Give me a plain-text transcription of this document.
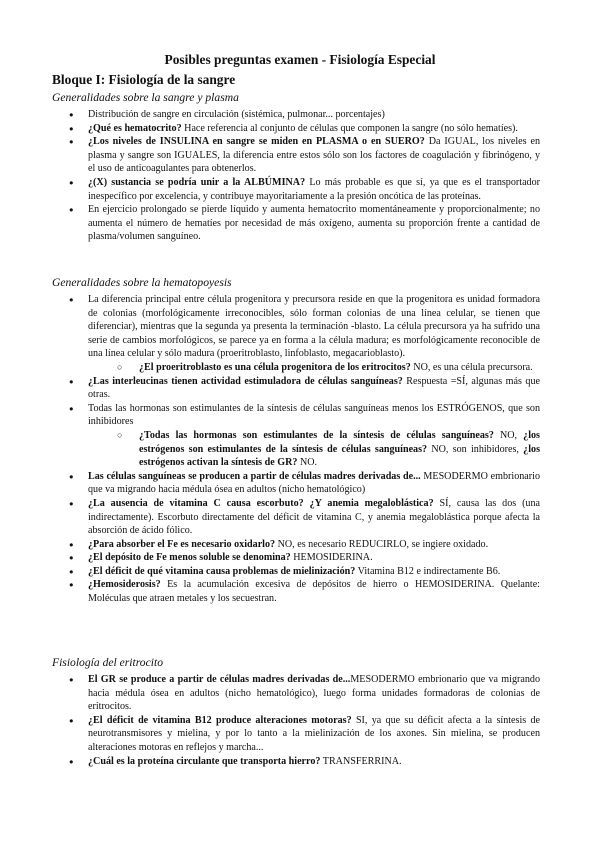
Posibles preguntas examen - Fisiología Especial
Bloque I: Fisiología de la sangre
Generalidades sobre la sangre y plasma
● Distribución de sangre en circulación (sistémica, pulmonar... porcentajes)
● ¿Qué es hematocrito? Hace referencia al conjunto de células que componen la sangre (no sólo hematíes).
● ¿Los niveles de INSULINA en sangre se miden en PLASMA o en SUERO? Da IGUAL, los niveles en plasma y sangre son IGUALES, la diferencia entre estos sólo son los factores de coagulación y fibrinógeno, y el uso de anticoagulantes para obtenerlos.
● ¿(X) sustancia se podría unir a la ALBÚMINA? Lo más probable es que sí, ya que es el transportador inespecífico por excelencia, y contribuye mayoritariamente a la presión oncótica de las proteínas.
● En ejercicio prolongado se pierde líquido y aumenta hematocrito momentáneamente y proporcionalmente; no aumenta el número de hematíes por necesidad de más oxígeno, aumenta su proporción frente a cantidad de plasma/volumen sanguíneo.
Generalidades sobre la hematopoyesis
● La diferencia principal entre célula progenitora y precursora reside en que la progenitora es unidad formadora de colonias (morfológicamente irreconocibles, sólo forman colonias de una línea celular, se tienen que diferenciar), mientras que la segunda ya presenta la terminación -blasto. La célula precursora ya ha sufrido una serie de cambios morfológicos, se parece ya en forma a la célula madura; es morfológicamente reconocible de una línea celular y sólo madura (proeritroblasto, linfoblasto, megacarioblasto).
○ ¿El proeritroblasto es una célula progenitora de los eritrocitos? NO, es una célula precursora.
● ¿Las interleucinas tienen actividad estimuladora de células sanguíneas? Respuesta =SÍ, algunas más que otras.
● Todas las hormonas son estimulantes de la síntesis de células sanguíneas menos los ESTRÓGENOS, que son inhibidores
○ ¿Todas las hormonas son estimulantes de la síntesis de células sanguíneas? NO, ¿los estrógenos son estimulantes de la síntesis de células sanguíneas? NO, son inhibidores, ¿los estrógenos activan la síntesis de GR? NO.
● Las células sanguíneas se producen a partir de células madres derivadas de... MESODERMO embrionario que va migrando hacia médula ósea en adultos (nicho hematológico)
● ¿La ausencia de vitamina C causa escorbuto? ¿Y anemia megaloblástica? SÍ, causa las dos (una indirectamente). Escorbuto directamente del déficit de vitamina C, y anemia megaloblástica porque afecta la absorción de ácido fólico.
● ¿Para absorber el Fe es necesario oxidarlo? NO, es necesario REDUCIRLO, se ingiere oxidado.
● ¿El depósito de Fe menos soluble se denomina? HEMOSIDERINA.
● ¿El déficit de qué vitamina causa problemas de mielinización? Vitamina B12 e indirectamente B6.
● ¿Hemosiderosis? Es la acumulación excesiva de depósitos de hierro o HEMOSIDERINA. Quelante: Moléculas que atraen metales y los secuestran.
Fisiología del eritrocito
● El GR se produce a partir de células madres derivadas de...MESODERMO embrionario que va migrando hacia médula ósea en adultos (nicho hematológico), luego forma unidades formadoras de colonias de eritrocitos.
● ¿El déficit de vitamina B12 produce alteraciones motoras? SI, ya que su déficit afecta a la síntesis de neurotransmisores y mielina, y por lo tanto a la mielinización de los axones. Sin mielina, se producen alteraciones motoras en reflejos y marcha...
● ¿Cuál es la proteína circulante que transporta hierro? TRANSFERRINA.
